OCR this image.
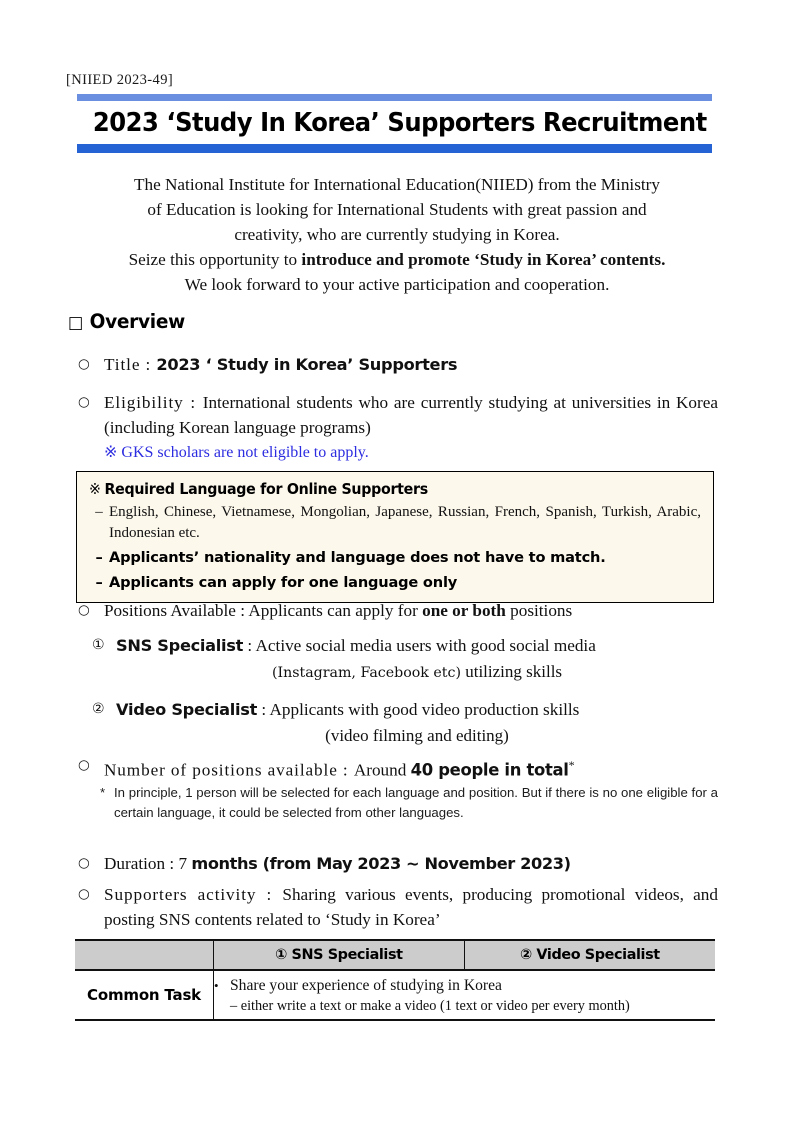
[NIIED 2023-49]
2023 ‘Study In Korea’ Supporters Recruitment
The National Institute for International Education(NIIED) from the Ministry
of Education is looking for International Students with great passion and
creativity, who are currently studying in Korea.
Seize this opportunity to introduce and promote ‘Study in Korea’ contents.
We look forward to your active participation and cooperation.
□ Overview
○ Title : 2023 ‘ Study in Korea’ Supporters
○ Eligibility : International students who are currently studying at universities in Korea (including Korean language programs)
※ GKS scholars are not eligible to apply.
※ Required Language for Online Supporters
– English, Chinese, Vietnamese, Mongolian, Japanese, Russian, French, Spanish, Turkish, Arabic, Indonesian etc.
– Applicants’ nationality and language does not have to match.
– Applicants can apply for one language only
○ Positions Available : Applicants can apply for one or both positions
① SNS Specialist : Active social media users with good social media
(Instagram, Facebook etc) utilizing skills
② Video Specialist : Applicants with good video production skills
(video filming and editing)
○ Number of positions available : Around 40 people in total*
* In principle, 1 person will be selected for each language and position. But if there is no one eligible for a certain language, it could be selected from other languages.
○ Duration : 7 months (from May 2023 ~ November 2023)
○ Supporters activity : Sharing various events, producing promotional videos, and posting SNS contents related to ‘Study in Korea’
	① SNS Specialist	② Video Specialist
Common Task	• Share your experience of studying in Korea
– either write a text or make a video (1 text or video per every month)	
